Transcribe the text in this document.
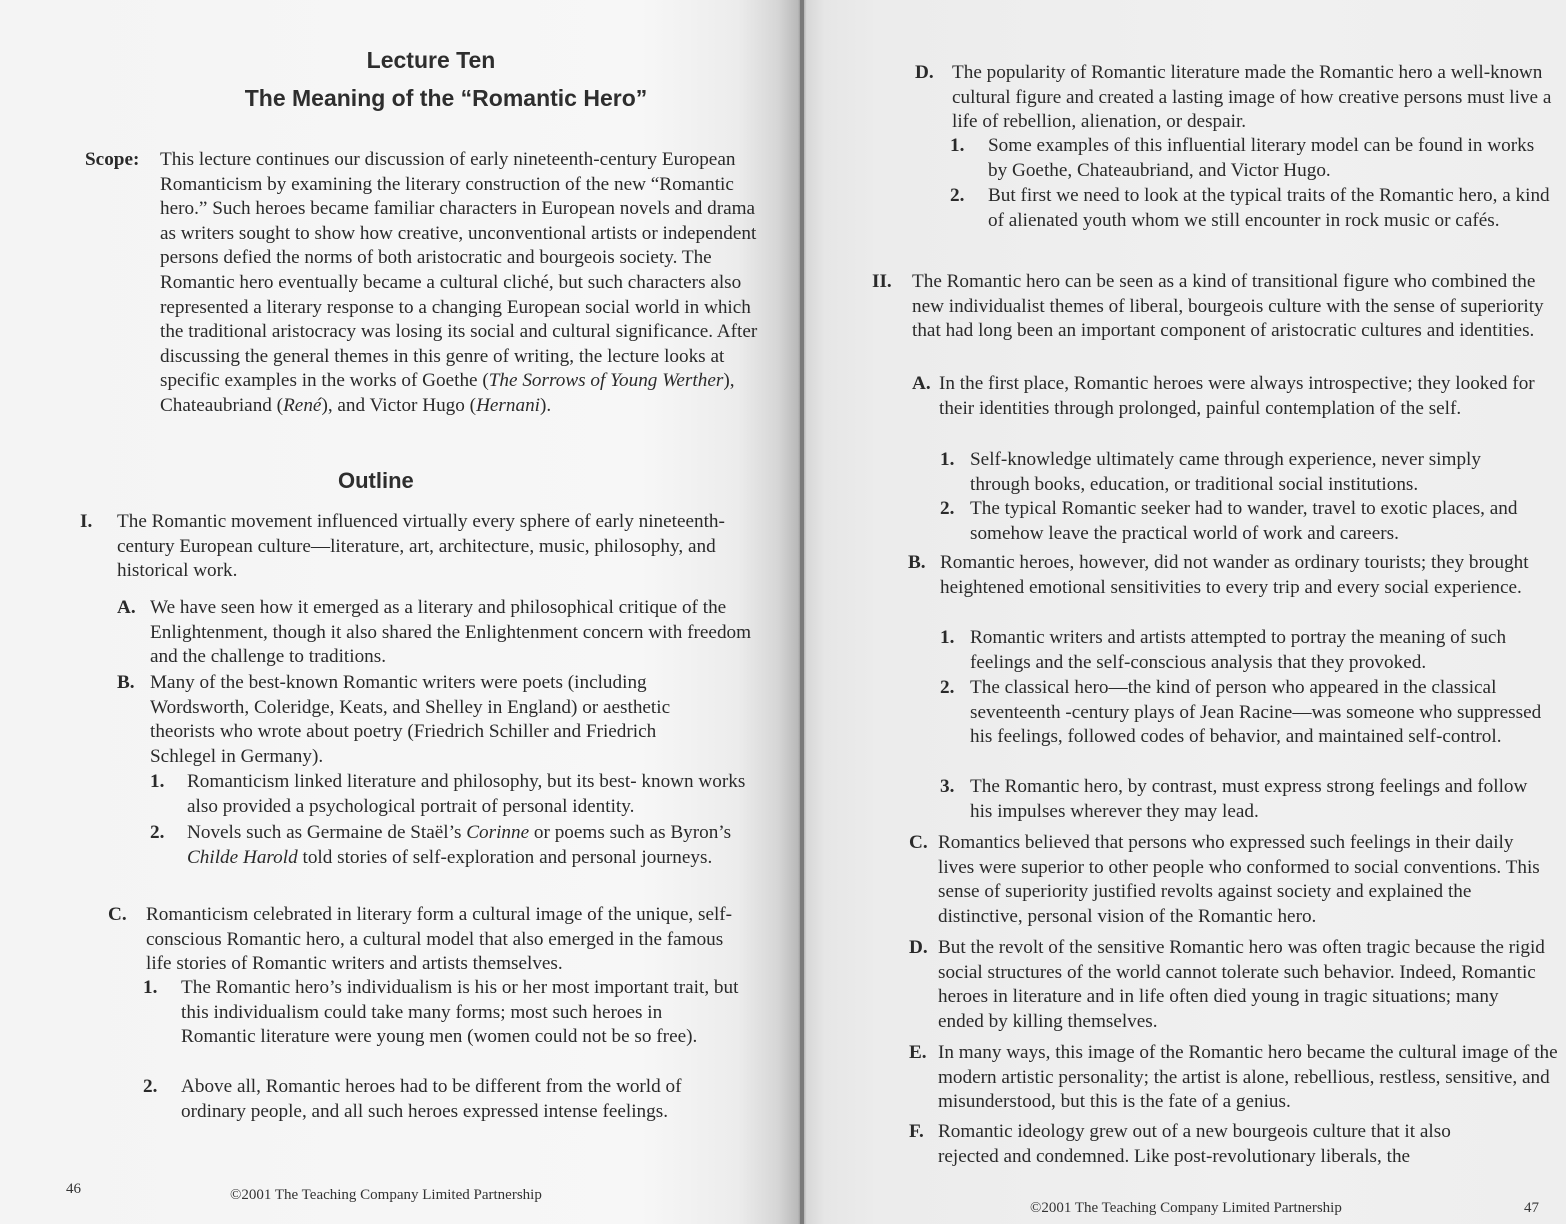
Lecture Ten
The Meaning of the “Romantic Hero”
Scope: This lecture continues our discussion of early nineteenth-century European Romanticism by examining the literary construction of the new “Romantic hero.” Such heroes became familiar characters in European novels and drama as writers sought to show how creative, unconventional artists or independent persons defied the norms of both aristocratic and bourgeois society. The Romantic hero eventually became a cultural cliché, but such characters also represented a literary response to a changing European social world in which the traditional aristocracy was losing its social and cultural significance. After discussing the general themes in this genre of writing, the lecture looks at specific examples in the works of Goethe (The Sorrows of Young Werther), Chateaubriand (René), and Victor Hugo (Hernani).
Outline
I. The Romantic movement influenced virtually every sphere of early nineteenth-century European culture—literature, art, architecture, music, philosophy, and historical work.
A. We have seen how it emerged as a literary and philosophical critique of the Enlightenment, though it also shared the Enlightenment concern with freedom and the challenge to traditions.
B. Many of the best-known Romantic writers were poets (including Wordsworth, Coleridge, Keats, and Shelley in England) or aesthetic theorists who wrote about poetry (Friedrich Schiller and Friedrich Schlegel in Germany).
1. Romanticism linked literature and philosophy, but its best- known works also provided a psychological portrait of personal identity.
2. Novels such as Germaine de Staël’s Corinne or poems such as Byron’s Childe Harold told stories of self-exploration and personal journeys.
C. Romanticism celebrated in literary form a cultural image of the unique, self-conscious Romantic hero, a cultural model that also emerged in the famous life stories of Romantic writers and artists themselves.
1. The Romantic hero’s individualism is his or her most important trait, but this individualism could take many forms; most such heroes in Romantic literature were young men (women could not be so free).
2. Above all, Romantic heroes had to be different from the world of ordinary people, and all such heroes expressed intense feelings.
46	©2001 The Teaching Company Limited Partnership
D. The popularity of Romantic literature made the Romantic hero a well-known cultural figure and created a lasting image of how creative persons must live a life of rebellion, alienation, or despair.
1. Some examples of this influential literary model can be found in works by Goethe, Chateaubriand, and Victor Hugo.
2. But first we need to look at the typical traits of the Romantic hero, a kind of alienated youth whom we still encounter in rock music or cafés.
II. The Romantic hero can be seen as a kind of transitional figure who combined the new individualist themes of liberal, bourgeois culture with the sense of superiority that had long been an important component of aristocratic cultures and identities.
A. In the first place, Romantic heroes were always introspective; they looked for their identities through prolonged, painful contemplation of the self.
1. Self-knowledge ultimately came through experience, never simply through books, education, or traditional social institutions.
2. The typical Romantic seeker had to wander, travel to exotic places, and somehow leave the practical world of work and careers.
B. Romantic heroes, however, did not wander as ordinary tourists; they brought heightened emotional sensitivities to every trip and every social experience.
1. Romantic writers and artists attempted to portray the meaning of such feelings and the self-conscious analysis that they provoked.
2. The classical hero—the kind of person who appeared in the classical seventeenth -century plays of Jean Racine—was someone who suppressed his feelings, followed codes of behavior, and maintained self-control.
3. The Romantic hero, by contrast, must express strong feelings and follow his impulses wherever they may lead.
C. Romantics believed that persons who expressed such feelings in their daily lives were superior to other people who conformed to social conventions. This sense of superiority justified revolts against society and explained the distinctive, personal vision of the Romantic hero.
D. But the revolt of the sensitive Romantic hero was often tragic because the rigid social structures of the world cannot tolerate such behavior. Indeed, Romantic heroes in literature and in life often died young in tragic situations; many ended by killing themselves.
E. In many ways, this image of the Romantic hero became the cultural image of the modern artistic personality; the artist is alone, rebellious, restless, sensitive, and misunderstood, but this is the fate of a genius.
F. Romantic ideology grew out of a new bourgeois culture that it also rejected and condemned. Like post-revolutionary liberals, the
©2001 The Teaching Company Limited Partnership	47
